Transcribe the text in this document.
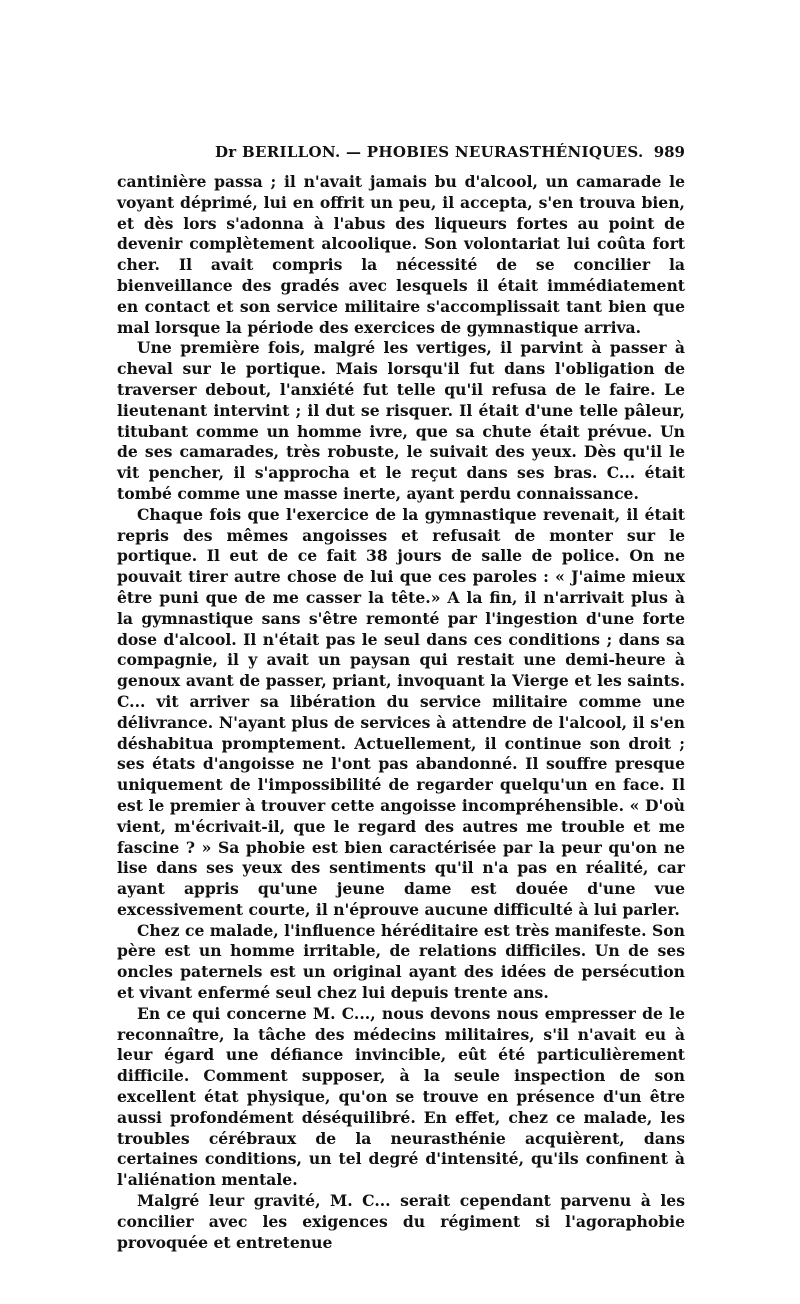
Dr BERILLON. — PHOBIES NEURASTHÉNIQUES. 989

cantinière passa ; il n'avait jamais bu d'alcool, un camarade le voyant déprimé, lui en offrit un peu, il accepta, s'en trouva bien, et dès lors s'adonna à l'abus des liqueurs fortes au point de devenir complètement alcoolique. Son volontariat lui coûta fort cher. Il avait compris la nécessité de se concilier la bienveillance des gradés avec lesquels il était immédiatement en contact et son service militaire s'accomplissait tant bien que mal lorsque la période des exercices de gymnastique arriva.

Une première fois, malgré les vertiges, il parvint à passer à cheval sur le portique. Mais lorsqu'il fut dans l'obligation de traverser debout, l'anxiété fut telle qu'il refusa de le faire. Le lieutenant intervint ; il dut se risquer. Il était d'une telle pâleur, titubant comme un homme ivre, que sa chute était prévue. Un de ses camarades, très robuste, le suivait des yeux. Dès qu'il le vit pencher, il s'approcha et le reçut dans ses bras. C... était tombé comme une masse inerte, ayant perdu connaissance.

Chaque fois que l'exercice de la gymnastique revenait, il était repris des mêmes angoisses et refusait de monter sur le portique. Il eut de ce fait 38 jours de salle de police. On ne pouvait tirer autre chose de lui que ces paroles : « J'aime mieux être puni que de me casser la tête.» A la fin, il n'arrivait plus à la gymnastique sans s'être remonté par l'ingestion d'une forte dose d'alcool. Il n'était pas le seul dans ces conditions ; dans sa compagnie, il y avait un paysan qui restait une demi-heure à genoux avant de passer, priant, invoquant la Vierge et les saints. C... vit arriver sa libération du service militaire comme une délivrance. N'ayant plus de services à attendre de l'alcool, il s'en déshabitua promptement. Actuellement, il continue son droit ; ses états d'angoisse ne l'ont pas abandonné. Il souffre presque uniquement de l'impossibilité de regarder quelqu'un en face. Il est le premier à trouver cette angoisse incompréhensible. « D'où vient, m'écrivait-il, que le regard des autres me trouble et me fascine ? » Sa phobie est bien caractérisée par la peur qu'on ne lise dans ses yeux des sentiments qu'il n'a pas en réalité, car ayant appris qu'une jeune dame est douée d'une vue excessivement courte, il n'éprouve aucune difficulté à lui parler.

Chez ce malade, l'influence héréditaire est très manifeste. Son père est un homme irritable, de relations difficiles. Un de ses oncles paternels est un original ayant des idées de persécution et vivant enfermé seul chez lui depuis trente ans.

En ce qui concerne M. C..., nous devons nous empresser de le reconnaître, la tâche des médecins militaires, s'il n'avait eu à leur égard une défiance invincible, eût été particulièrement difficile. Comment supposer, à la seule inspection de son excellent état physique, qu'on se trouve en présence d'un être aussi profondément déséquilibré. En effet, chez ce malade, les troubles cérébraux de la neurasthénie acquièrent, dans certaines conditions, un tel degré d'intensité, qu'ils confinent à l'aliénation mentale.

Malgré leur gravité, M. C... serait cependant parvenu à les concilier avec les exigences du régiment si l'agoraphobie provoquée et entretenue
